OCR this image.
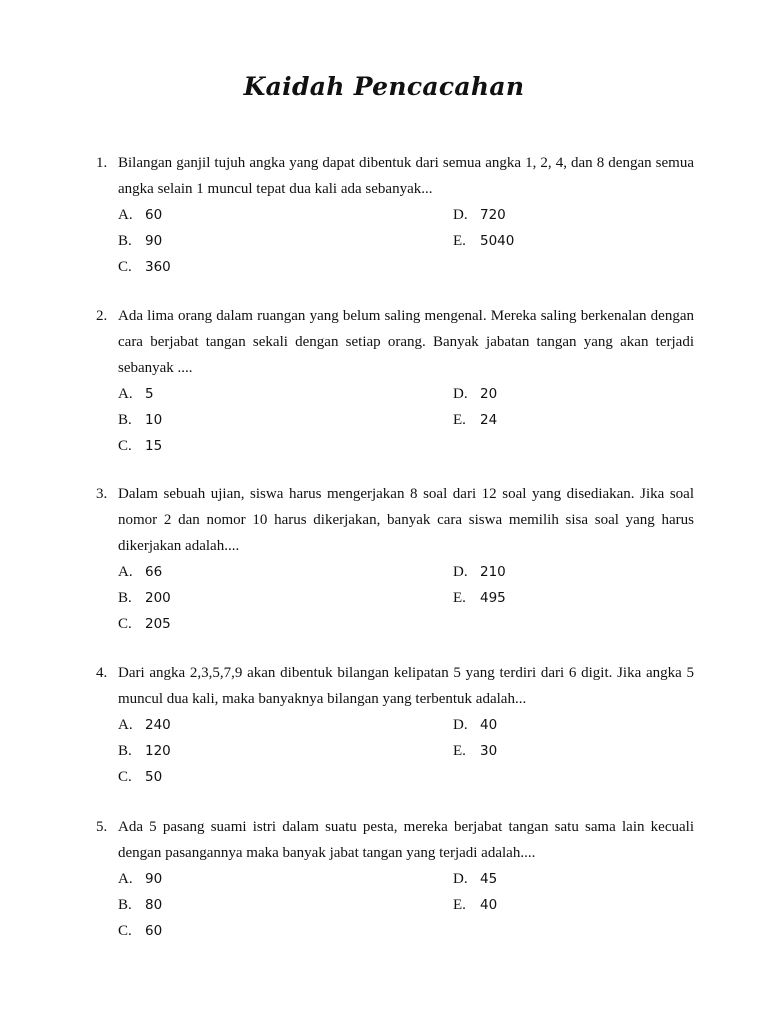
Kaidah Pencacahan
1. Bilangan ganjil tujuh angka yang dapat dibentuk dari semua angka 1, 2, 4, dan 8 dengan semua angka selain 1 muncul tepat dua kali ada sebanyak...
A. 60
B. 90
C. 360
D. 720
E. 5040
2. Ada lima orang dalam ruangan yang belum saling mengenal. Mereka saling berkenalan dengan cara berjabat tangan sekali dengan setiap orang. Banyak jabatan tangan yang akan terjadi sebanyak ....
A. 5
B. 10
C. 15
D. 20
E. 24
3. Dalam sebuah ujian, siswa harus mengerjakan 8 soal dari 12 soal yang disediakan. Jika soal nomor 2 dan nomor 10 harus dikerjakan, banyak cara siswa memilih sisa soal yang harus dikerjakan adalah....
A. 66
B. 200
C. 205
D. 210
E. 495
4. Dari angka 2,3,5,7,9 akan dibentuk bilangan kelipatan 5 yang terdiri dari 6 digit. Jika angka 5 muncul dua kali, maka banyaknya bilangan yang terbentuk adalah...
A. 240
B. 120
C. 50
D. 40
E. 30
5. Ada 5 pasang suami istri dalam suatu pesta, mereka berjabat tangan satu sama lain kecuali dengan pasangannya maka banyak jabat tangan yang terjadi adalah....
A. 90
B. 80
C. 60
D. 45
E. 40
